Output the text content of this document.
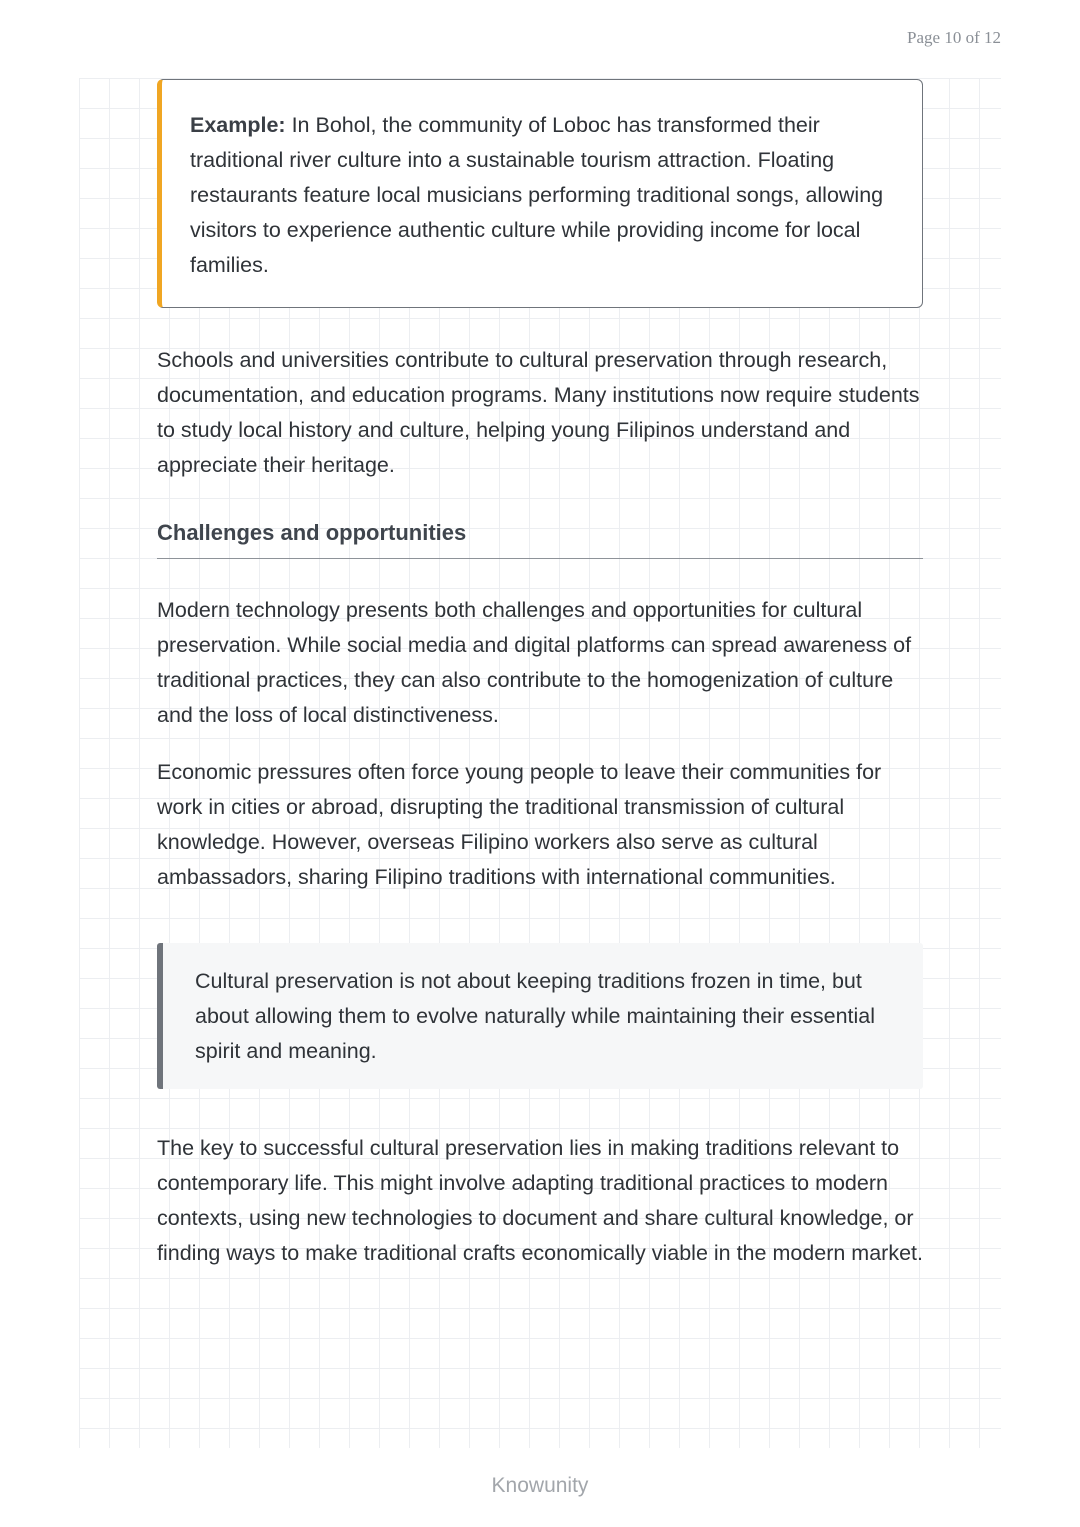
Page 10 of 12
Example: In Bohol, the community of Loboc has transformed their traditional river culture into a sustainable tourism attraction. Floating restaurants feature local musicians performing traditional songs, allowing visitors to experience authentic culture while providing income for local families.

Schools and universities contribute to cultural preservation through research, documentation, and education programs. Many institutions now require students to study local history and culture, helping young Filipinos understand and appreciate their heritage.

Challenges and opportunities

Modern technology presents both challenges and opportunities for cultural preservation. While social media and digital platforms can spread awareness of traditional practices, they can also contribute to the homogenization of culture and the loss of local distinctiveness.

Economic pressures often force young people to leave their communities for work in cities or abroad, disrupting the traditional transmission of cultural knowledge. However, overseas Filipino workers also serve as cultural ambassadors, sharing Filipino traditions with international communities.

Cultural preservation is not about keeping traditions frozen in time, but about allowing them to evolve naturally while maintaining their essential spirit and meaning.

The key to successful cultural preservation lies in making traditions relevant to contemporary life. This might involve adapting traditional practices to modern contexts, using new technologies to document and share cultural knowledge, or finding ways to make traditional crafts economically viable in the modern market.

Knowunity
